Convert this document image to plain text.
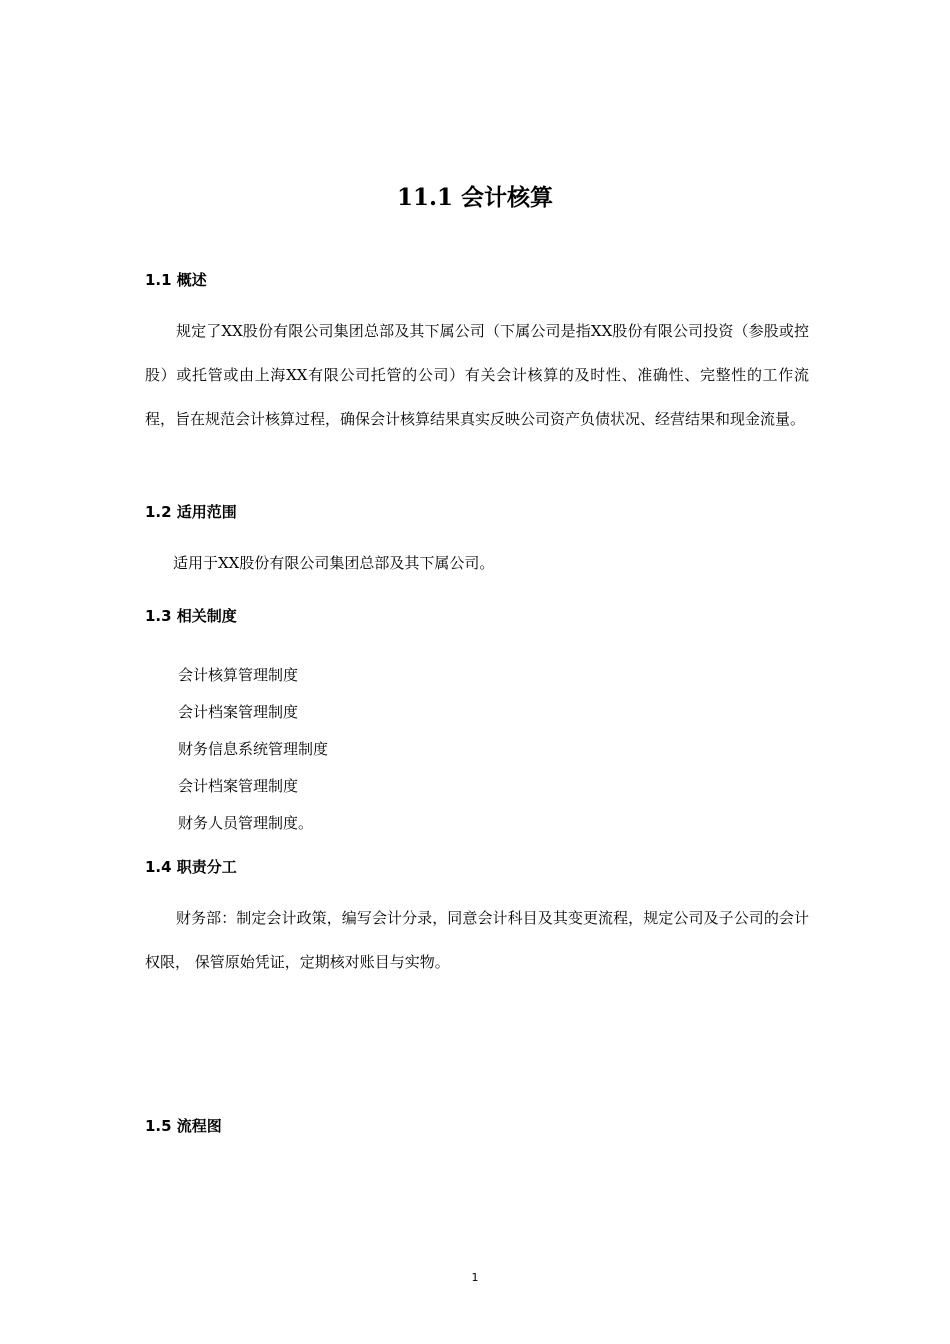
11.1 会计核算
1.1 概述

规定了XX股份有限公司集团总部及其下属公司（下属公司是指XX股份有限公司投资（参股或控股）或托管或由上海XX有限公司托管的公司）有关会计核算的及时性、准确性、完整性的工作流程，旨在规范会计核算过程，确保会计核算结果真实反映公司资产负债状况、经营结果和现金流量。

1.2 适用范围

适用于XX股份有限公司集团总部及其下属公司。

1.3 相关制度
会计核算管理制度
会计档案管理制度
财务信息系统管理制度
会计档案管理制度
财务人员管理制度。
1.4 职责分工

财务部：制定会计政策，编写会计分录，同意会计科目及其变更流程，规定公司及子公司的会计权限， 保管原始凭证，定期核对账目与实物。

1.5 流程图
1
